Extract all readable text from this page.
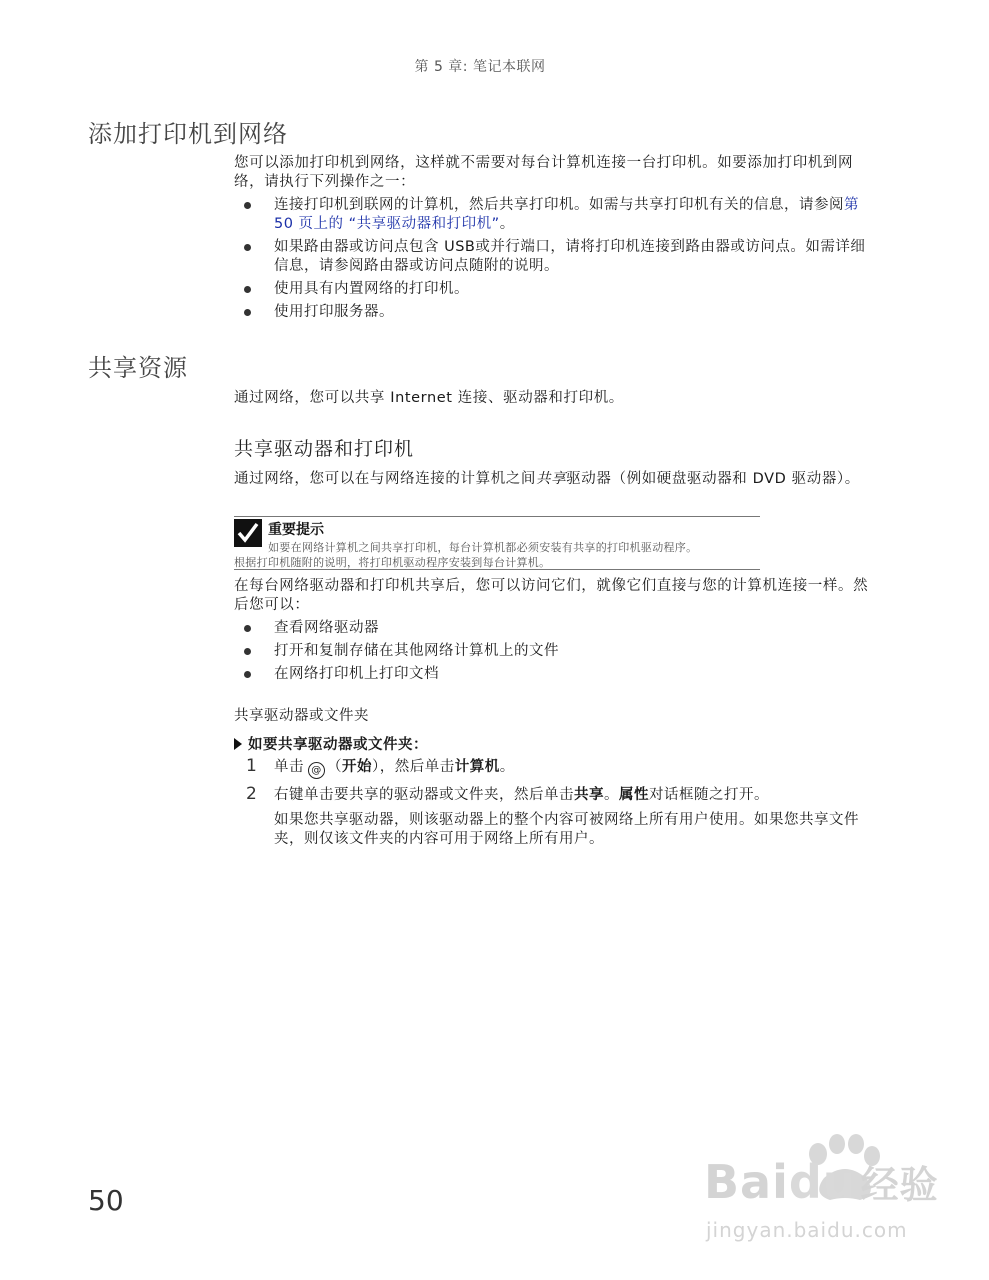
第 5 章: 笔记本联网
添加打印机到网络

您可以添加打印机到网络，这样就不需要对每台计算机连接一台打印机。如要添加打印机到网络，请执行下列操作之一：

连接打印机到联网的计算机，然后共享打印机。如需与共享打印机有关的信息，请参阅第 50 页上的 “共享驱动器和打印机”。
如果路由器或访问点包含 USB或并行端口，请将打印机连接到路由器或访问点。如需详细信息，请参阅路由器或访问点随附的说明。
使用具有内置网络的打印机。
使用打印服务器。
共享资源

通过网络，您可以共享 Internet 连接、驱动器和打印机。

共享驱动器和打印机

通过网络，您可以在与网络连接的计算机之间共享驱动器（例如硬盘驱动器和 DVD 驱动器）。

重要提示
如要在网络计算机之间共享打印机，每台计算机都必须安装有共享的打印机驱动程序。
根据打印机随附的说明，将打印机驱动程序安装到每台计算机。

在每台网络驱动器和打印机共享后，您可以访问它们，就像它们直接与您的计算机连接一样。然后您可以：

查看网络驱动器
打开和复制存储在其他网络计算机上的文件
在网络打印机上打印文档
共享驱动器或文件夹
如要共享驱动器或文件夹：
1 单击 @ （开始），然后单击计算机。

2 右键单击要共享的驱动器或文件夹，然后单击共享。属性对话框随之打开。

如果您共享驱动器，则该驱动器上的整个内容可被网络上所有用户使用。如果您共享文件夹，则仅该文件夹的内容可用于网络上所有用户。

50	Baidu 经验
jingyan.baidu.com
